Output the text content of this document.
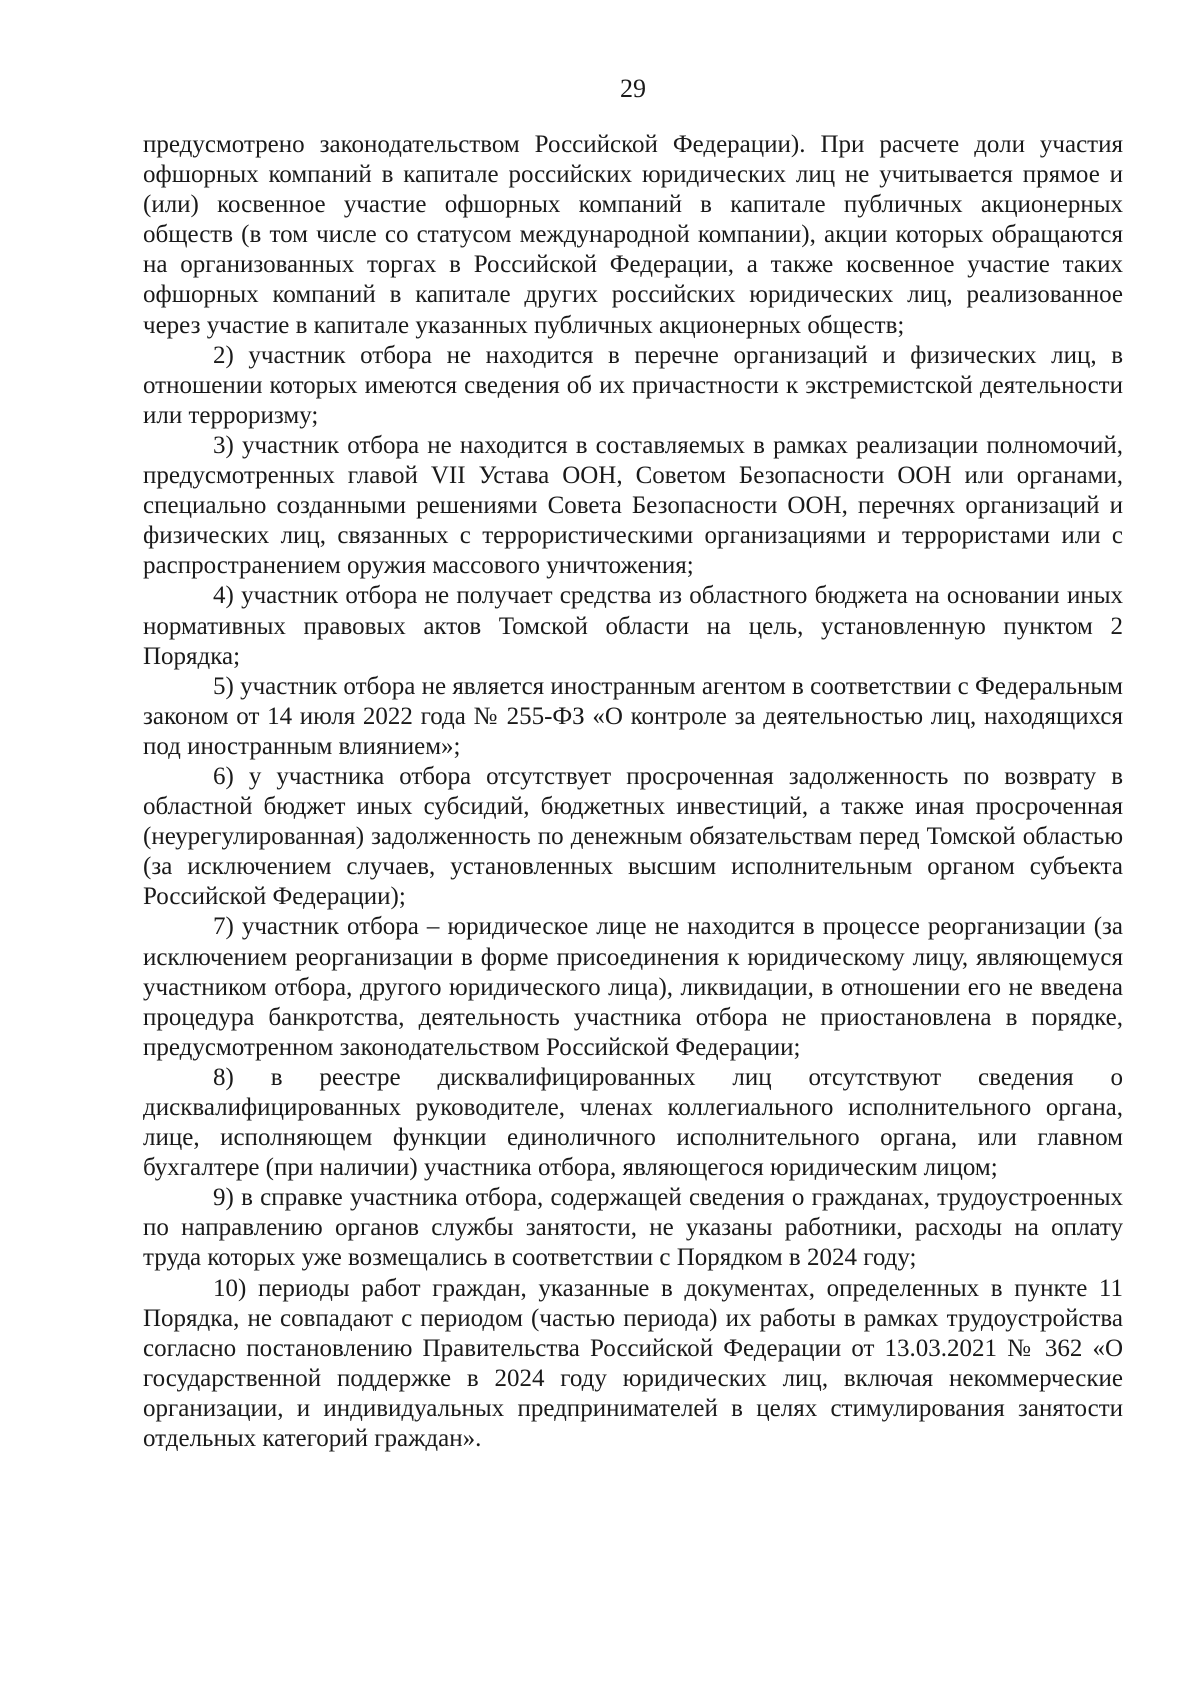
29

предусмотрено законодательством Российской Федерации). При расчете доли участия офшорных компаний в капитале российских юридических лиц не учитывается прямое и (или) косвенное участие офшорных компаний в капитале публичных акционерных обществ (в том числе со статусом международной компании), акции которых обращаются на организованных торгах в Российской Федерации, а также косвенное участие таких офшорных компаний в капитале других российских юридических лиц, реализованное через участие в капитале указанных публичных акционерных обществ;

2) участник отбора не находится в перечне организаций и физических лиц, в отношении которых имеются сведения об их причастности к экстремистской деятельности или терроризму;

3) участник отбора не находится в составляемых в рамках реализации полномочий, предусмотренных главой VII Устава ООН, Советом Безопасности ООН или органами, специально созданными решениями Совета Безопасности ООН, перечнях организаций и физических лиц, связанных с террористическими организациями и террористами или с распространением оружия массового уничтожения;

4) участник отбора не получает средства из областного бюджета на основании иных нормативных правовых актов Томской области на цель, установленную пунктом 2 Порядка;

5) участник отбора не является иностранным агентом в соответствии с Федеральным законом от 14 июля 2022 года № 255-ФЗ «О контроле за деятельностью лиц, находящихся под иностранным влиянием»;

6) у участника отбора отсутствует просроченная задолженность по возврату в областной бюджет иных субсидий, бюджетных инвестиций, а также иная просроченная (неурегулированная) задолженность по денежным обязательствам перед Томской областью (за исключением случаев, установленных высшим исполнительным органом субъекта Российской Федерации);

7) участник отбора – юридическое лице не находится в процессе реорганизации (за исключением реорганизации в форме присоединения к юридическому лицу, являющемуся участником отбора, другого юридического лица), ликвидации, в отношении его не введена процедура банкротства, деятельность участника отбора не приостановлена в порядке, предусмотренном законодательством Российской Федерации;

8) в реестре дисквалифицированных лиц отсутствуют сведения о дисквалифицированных руководителе, членах коллегиального исполнительного органа, лице, исполняющем функции единоличного исполнительного органа, или главном бухгалтере (при наличии) участника отбора, являющегося юридическим лицом;

9) в справке участника отбора, содержащей сведения о гражданах, трудоустроенных по направлению органов службы занятости, не указаны работники, расходы на оплату труда которых уже возмещались в соответствии с Порядком в 2024 году;

10) периоды работ граждан, указанные в документах, определенных в пункте 11 Порядка, не совпадают с периодом (частью периода) их работы в рамках трудоустройства согласно постановлению Правительства Российской Федерации от 13.03.2021 № 362 «О государственной поддержке в 2024 году юридических лиц, включая некоммерческие организации, и индивидуальных предпринимателей в целях стимулирования занятости отдельных категорий граждан».
